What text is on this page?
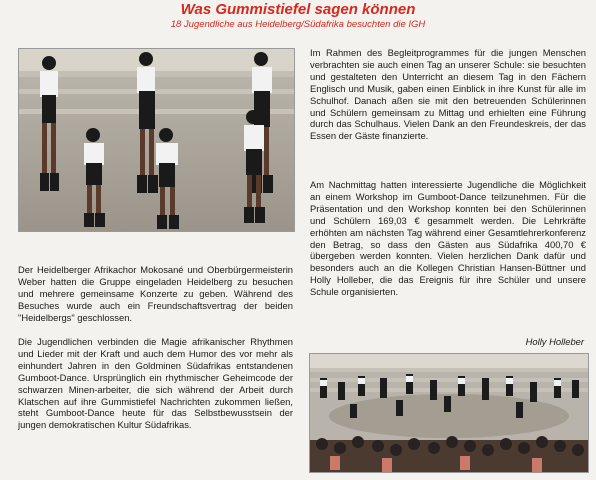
Was Gummistiefel sagen können

18 Jugendliche aus Heidelberg/Südafrika besuchten die IGH

Der Heidelberger Afrikachor Mokosané und Oberbürgermeisterin Weber hatten die Gruppe eingeladen Heidelberg zu besuchen und mehrere gemeinsame Konzerte zu geben. Während des Besuches wurde auch ein Freundschaftsvertrag der beiden "Heidelbergs" geschlossen.

Die Jugendlichen verbinden die Magie afrikanischer Rhythmen und Lieder mit der Kraft und auch dem Humor des vor mehr als einhundert Jahren in den Goldminen Südafrikas entstandenen Gumboot-Dance. Ursprünglich ein rhythmischer Geheimcode der schwarzen Minen-arbeiter, die sich während der Arbeit durch Klatschen auf ihre Gummistiefel Nachrichten zukommen ließen, steht Gumboot-Dance heute für das Selbstbewusstsein der jungen demokratischen Kultur Südafrikas.

Im Rahmen des Begleitprogrammes für die jungen Menschen verbrachten sie auch einen Tag an unserer Schule: sie besuchten und gestalteten den Unterricht an diesem Tag in den Fächern Englisch und Musik, gaben einen Einblick in ihre Kunst für alle im Schulhof. Danach aßen sie mit den betreuenden Schülerinnen und Schülern gemeinsam zu Mittag und erhielten eine Führung durch das Schulhaus. Vielen Dank an den Freundeskreis, der das Essen der Gäste finanzierte.

Am Nachmittag hatten interessierte Jugendliche die Möglichkeit an einem Workshop im Gumboot-Dance teilzunehmen. Für die Präsentation und den Workshop konnten bei den Schülerinnen und Schülern 169,03 € gesammelt werden. Die Lehrkräfte erhöhten am nächsten Tag während einer Gesamtlehrerkonferenz den Betrag, so dass den Gästen aus Südafrika 400,70 € übergeben werden konnten. Vielen herzlichen Dank dafür und besonders auch an die Kollegen Christian Hansen-Büttner und Holly Holleber, die das Ereignis für ihre Schüler und unsere Schule organisierten.

Holly Holleber
